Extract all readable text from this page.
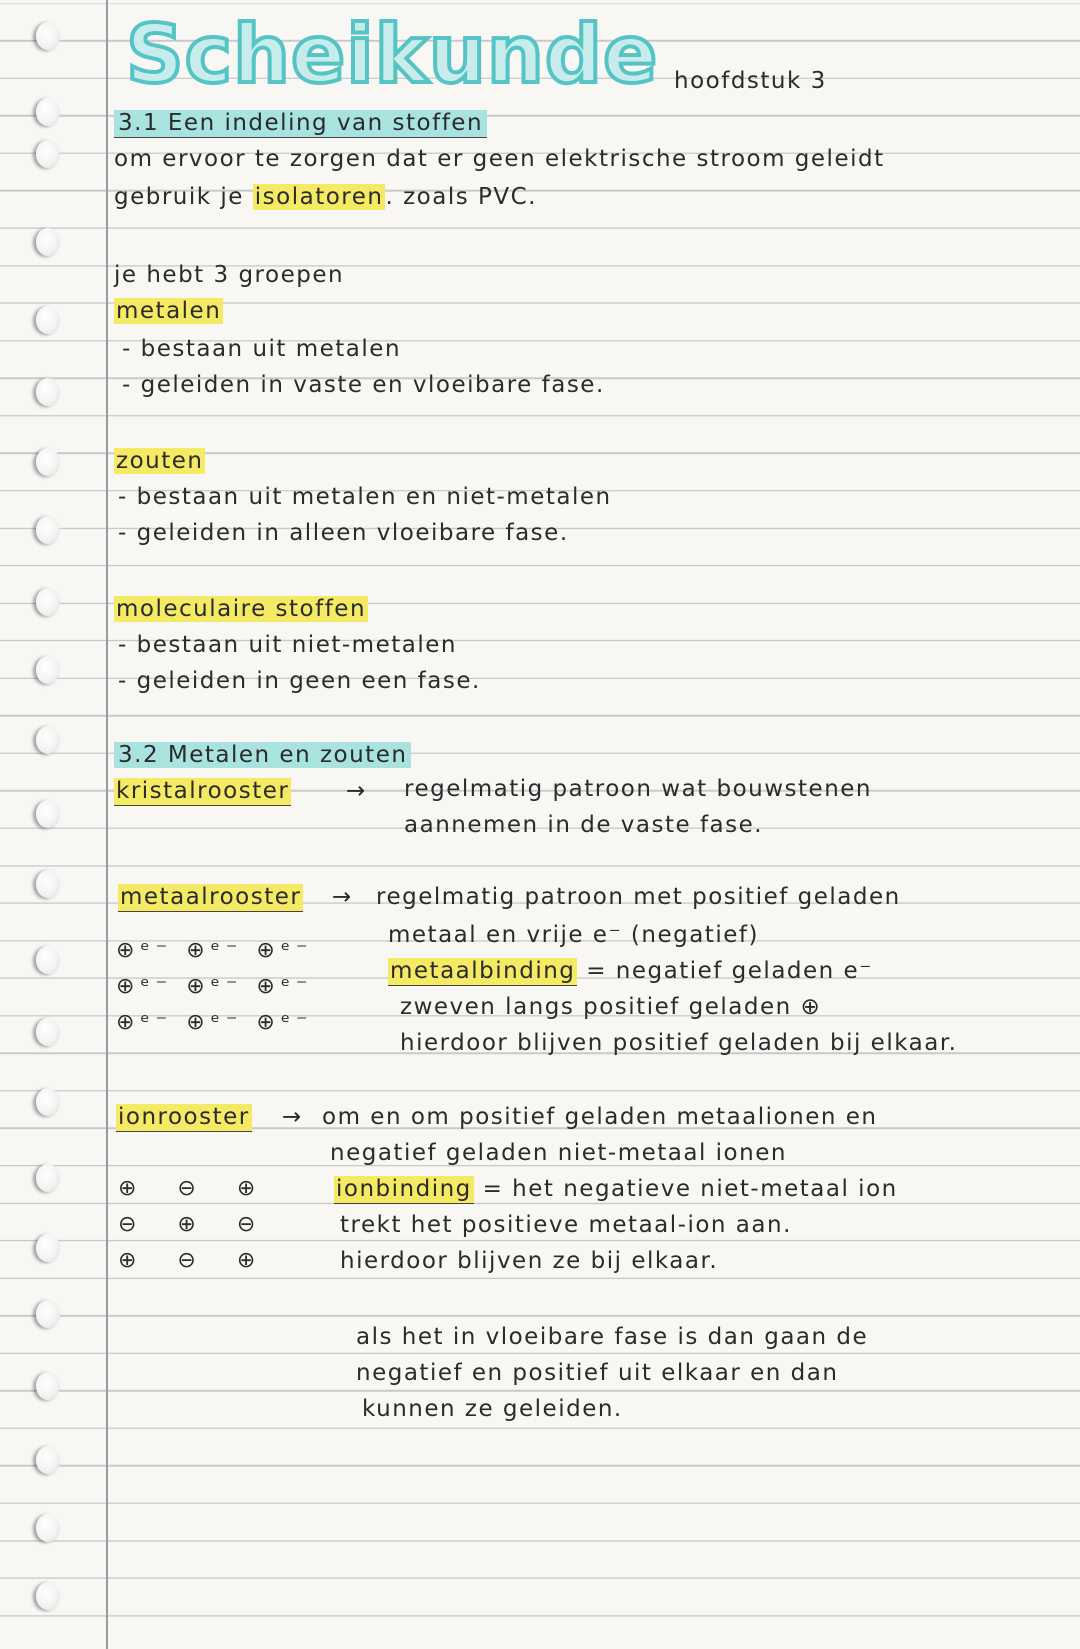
Scheikunde hoofdstuk 3
3.1 Een indeling van stoffen
om ervoor te zorgen dat er geen elektrische stroom geleidt
gebruik je isolatoren. zoals PVC.
je hebt 3 groepen
metalen
- bestaan uit metalen
- geleiden in vaste en vloeibare fase.
zouten
- bestaan uit metalen en niet-metalen
- geleiden in alleen vloeibare fase.
moleculaire stoffen
- bestaan uit niet-metalen
- geleiden in geen een fase.
3.2 Metalen en zouten
kristalrooster → regelmatig patroon wat bouwstenen
aannemen in de vaste fase.
metaalrooster → regelmatig patroon met positief geladen
metaal en vrije e⁻ (negatief)
metaalbinding = negatief geladen e⁻
zweven langs positief geladen ⊕
hierdoor blijven positief geladen bij elkaar.
⊕ᵉ⁻ ⊕ᵉ⁻ ⊕ᵉ⁻
⊕ᵉ⁻ ⊕ᵉ⁻ ⊕ᵉ⁻
⊕ᵉ⁻ ⊕ᵉ⁻ ⊕ᵉ⁻
ionrooster → om en om positief geladen metaalionen en
negatief geladen niet-metaal ionen
ionbinding = het negatieve niet-metaal ion
trekt het positieve metaal-ion aan.
hierdoor blijven ze bij elkaar.
⊕ ⊖ ⊕
⊖ ⊕ ⊖
⊕ ⊖ ⊕
als het in vloeibare fase is dan gaan de
negatief en positief uit elkaar en dan
kunnen ze geleiden.
